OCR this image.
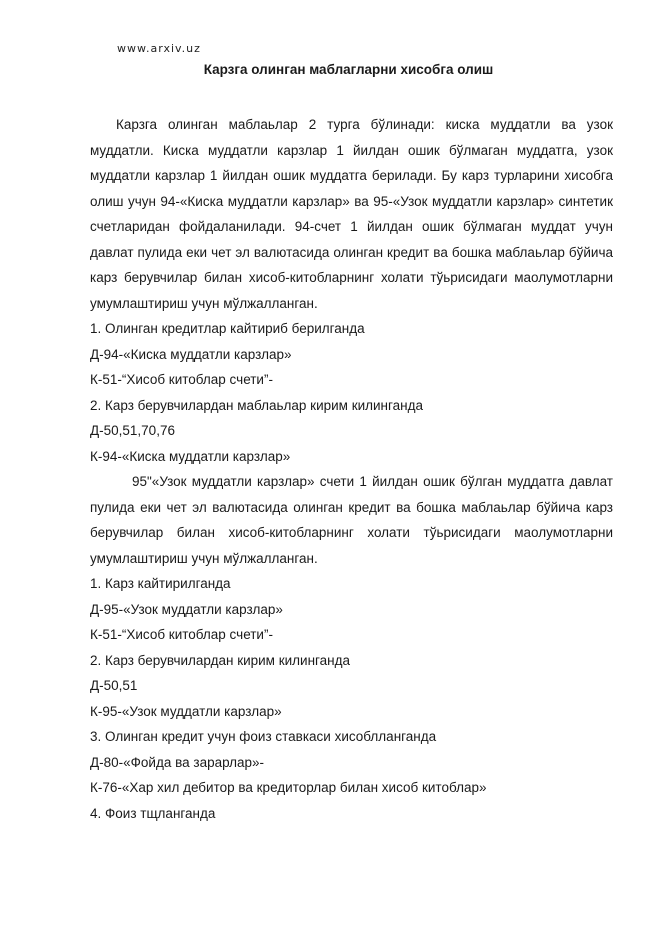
www.arxiv.uz
Карзга олинган маблагларни хисобга олиш

Карзга олинган маблаьлар 2 турга бўлинади: киска муддатли ва узок муддатли. Киска муддатли карзлар 1 йилдан ошик бўлмаган муддатга, узок муддатли карзлар 1 йилдан ошик муддатга берилади. Бу карз турларини хисобга олиш учун 94-«Киска муддатли карзлар» ва 95-«Узок муддатли карзлар» синтетик счетларидан фойдаланилади. 94-счет 1 йилдан ошик бўлмаган муддат учун давлат пулида еки чет эл валютасида олинган кредит ва бошка маблаьлар бўйича карз берувчилар билан хисоб-китобларнинг холати тўьрисидаги маолумотларни умумлаштириш учун мўлжалланган.

1. Олинган кредитлар кайтириб берилганда

Д-94-«Киска муддатли карзлар»

К-51-“Хисоб китоблар счети”-

2. Карз берувчилардан маблаьлар кирим килинганда

Д-50,51,70,76

К-94-«Киска муддатли карзлар»

95"«Узок муддатли карзлар» счети 1 йилдан ошик бўлган муддатга давлат пулида еки чет эл валютасида олинган кредит ва бошка маблаьлар бўйича карз берувчилар билан хисоб-китобларнинг холати тўьрисидаги маолумотларни умумлаштириш учун мўлжалланган.

1. Карз кайтирилганда

Д-95-«Узок муддатли карзлар»

К-51-“Хисоб китоблар счети”-

2. Карз берувчилардан кирим килинганда

Д-50,51

К-95-«Узок муддатли карзлар»

3. Олинган кредит учун фоиз ставкаси хисоблланганда

Д-80-«Фойда ва зарарлар»-

К-76-«Хар хил дебитор ва кредиторлар билан хисоб китоблар»

4. Фоиз тщланганда
